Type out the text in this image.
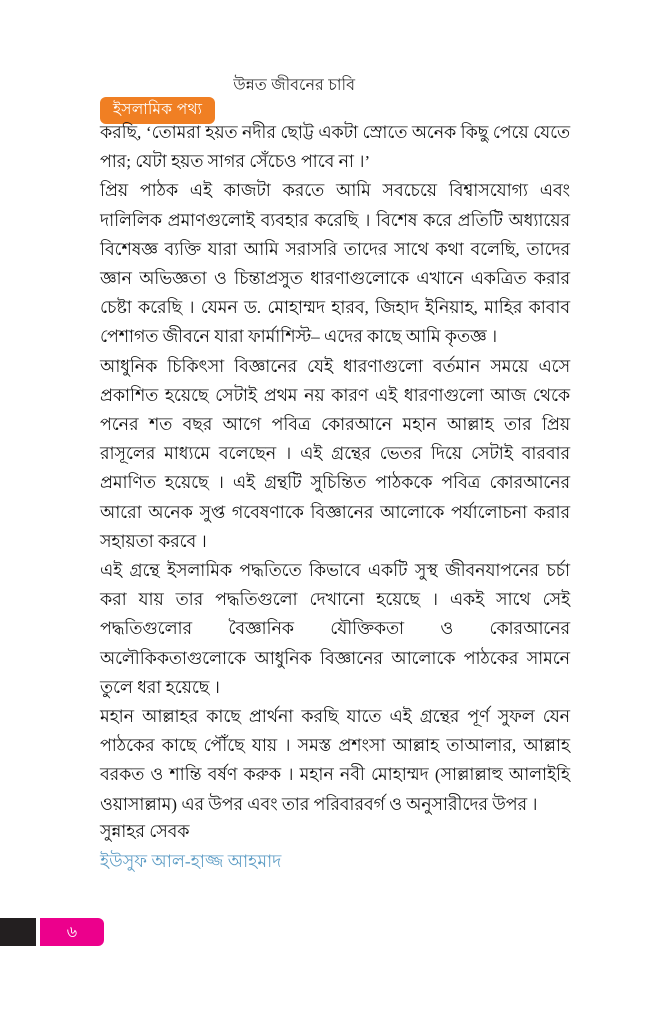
ইসলামিক পথ্য
উন্নত জীবনের চাবি

করছি, ‘তোমরা হয়ত নদীর ছোট্ট একটা স্রোতে অনেক কিছু পেয়ে যেতে পার; যেটা হয়ত সাগর সেঁচেও পাবে না ।’

প্রিয় পাঠক এই কাজটা করতে আমি সবচেয়ে বিশ্বাসযোগ্য এবং দালিলিক প্রমাণগুলোই ব্যবহার করেছি । বিশেষ করে প্রতিটি অধ্যায়ের বিশেষজ্ঞ ব্যক্তি যারা আমি সরাসরি তাদের সাথে কথা বলেছি, তাদের জ্ঞান অভিজ্ঞতা ও চিন্তাপ্রসুত ধারণাগুলোকে এখানে একত্রিত করার চেষ্টা করেছি । যেমন ড. মোহাম্মদ হারব, জিহাদ ইনিয়াহ, মাহির কাবাব পেশাগত জীবনে যারা ফার্মাশিস্ট– এদের কাছে আমি কৃতজ্ঞ ।

আধুনিক চিকিৎসা বিজ্ঞানের যেই ধারণাগুলো বর্তমান সময়ে এসে প্রকাশিত হয়েছে সেটাই প্রথম নয় কারণ এই ধারণাগুলো আজ থেকে পনের শত বছর আগে পবিত্র কোরআনে মহান আল্লাহ তার প্রিয় রাসূলের মাধ্যমে বলেছেন । এই গ্রন্থের ভেতর দিয়ে সেটাই বারবার প্রমাণিত হয়েছে । এই গ্রন্থটি সুচিন্তিত পাঠককে পবিত্র কোরআনের আরো অনেক সুপ্ত গবেষণাকে বিজ্ঞানের আলোকে পর্যালোচনা করার সহায়তা করবে ।

এই গ্রন্থে ইসলামিক পদ্ধতিতে কিভাবে একটি সুস্থ জীবনযাপনের চর্চা করা যায় তার পদ্ধতিগুলো দেখানো হয়েছে । একই সাথে সেই পদ্ধতিগুলোর বৈজ্ঞানিক যৌক্তিকতা ও কোরআনের অলৌকিকতাগুলোকে আধুনিক বিজ্ঞানের আলোকে পাঠকের সামনে তুলে ধরা হয়েছে ।

মহান আল্লাহর কাছে প্রার্থনা করছি যাতে এই গ্রন্থের পূর্ণ সুফল যেন পাঠকের কাছে পৌঁছে যায় । সমস্ত প্রশংসা আল্লাহ তাআলার, আল্লাহ বরকত ও শান্তি বর্ষণ করুক । মহান নবী মোহাম্মদ (সাল্লাল্লাহু আলাইহি ওয়াসাল্লাম) এর উপর এবং তার পরিবারবর্গ ও অনুসারীদের উপর ।

সুন্নাহর সেবক
ইউসুফ আল-হাজ্জ আহমাদ
৬
